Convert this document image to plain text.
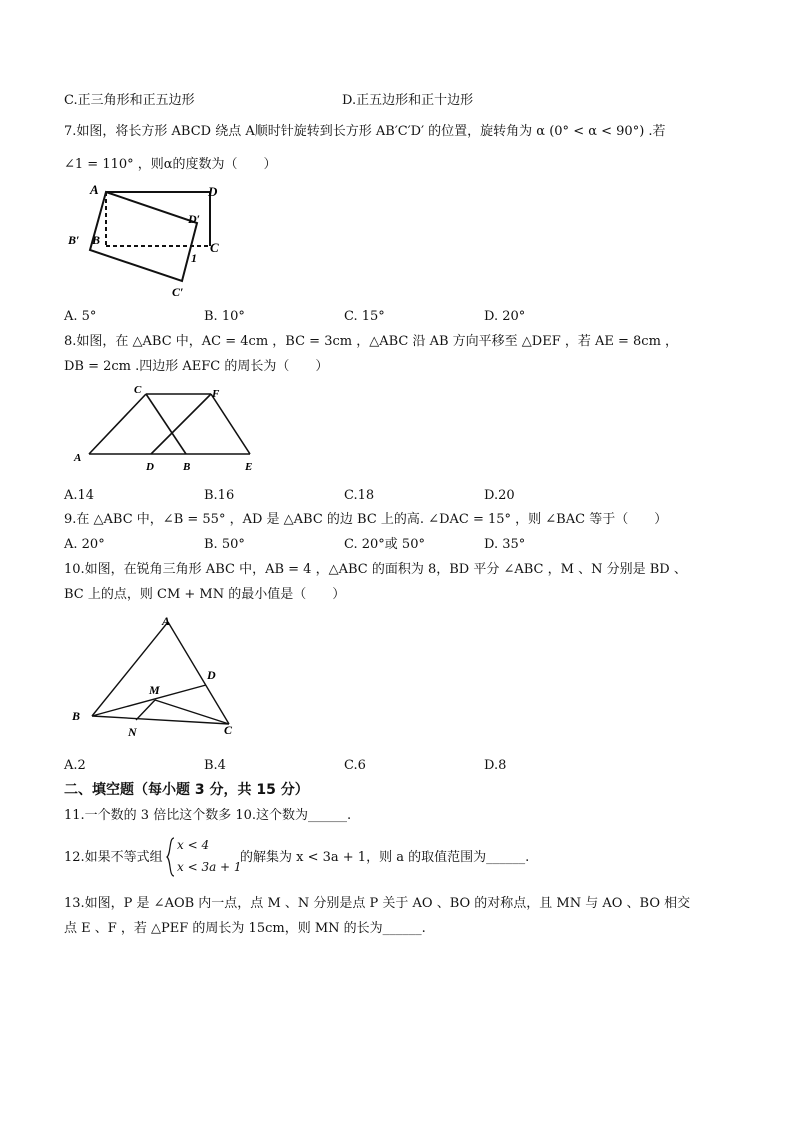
C.正三角形和正五边形	D.正五边形和正十边形
7.如图，将长方形 ABCD 绕点 A顺时针旋转到长方形 AB′C′D′ 的位置，旋转角为 α (0° < α < 90°) .若
∠1 = 110° ，则α的度数为（　　）
A	D
D′
B′ B	C
1
C′
A. 5°	B. 10°	C. 15°	D. 20°
8.如图，在 △ABC 中，AC = 4cm ，BC = 3cm ，△ABC 沿 AB 方向平移至 △DEF ，若 AE = 8cm ，
DB = 2cm .四边形 AEFC 的周长为（　　）
C	F
A
D	B	E
A.14	B.16	C.18	D.20
9.在 △ABC 中，∠B = 55° ，AD 是 △ABC 的边 BC 上的高. ∠DAC = 15° ，则 ∠BAC 等于（　　）
A. 20°	B. 50°	C. 20°或 50°	D. 35°
10.如图，在锐角三角形 ABC 中，AB = 4 ，△ABC 的面积为 8，BD 平分 ∠ABC ，M 、N 分别是 BD 、
BC 上的点，则 CM + MN 的最小值是（　　）
A
D
M
B
N	C
A.2	B.4	C.6	D.8
二、填空题（每小题 3 分，共 15 分）
11.一个数的 3 倍比这个数多 10.这个数为______.
12.如果不等式组
x < 4
x < 3a + 1
的解集为 x < 3a + 1，则 a 的取值范围为______.
13.如图，P 是 ∠AOB 内一点，点 M 、N 分别是点 P 关于 AO 、BO 的对称点，且 MN 与 AO 、BO 相交
点 E 、F ，若 △PEF 的周长为 15cm，则 MN 的长为______.
